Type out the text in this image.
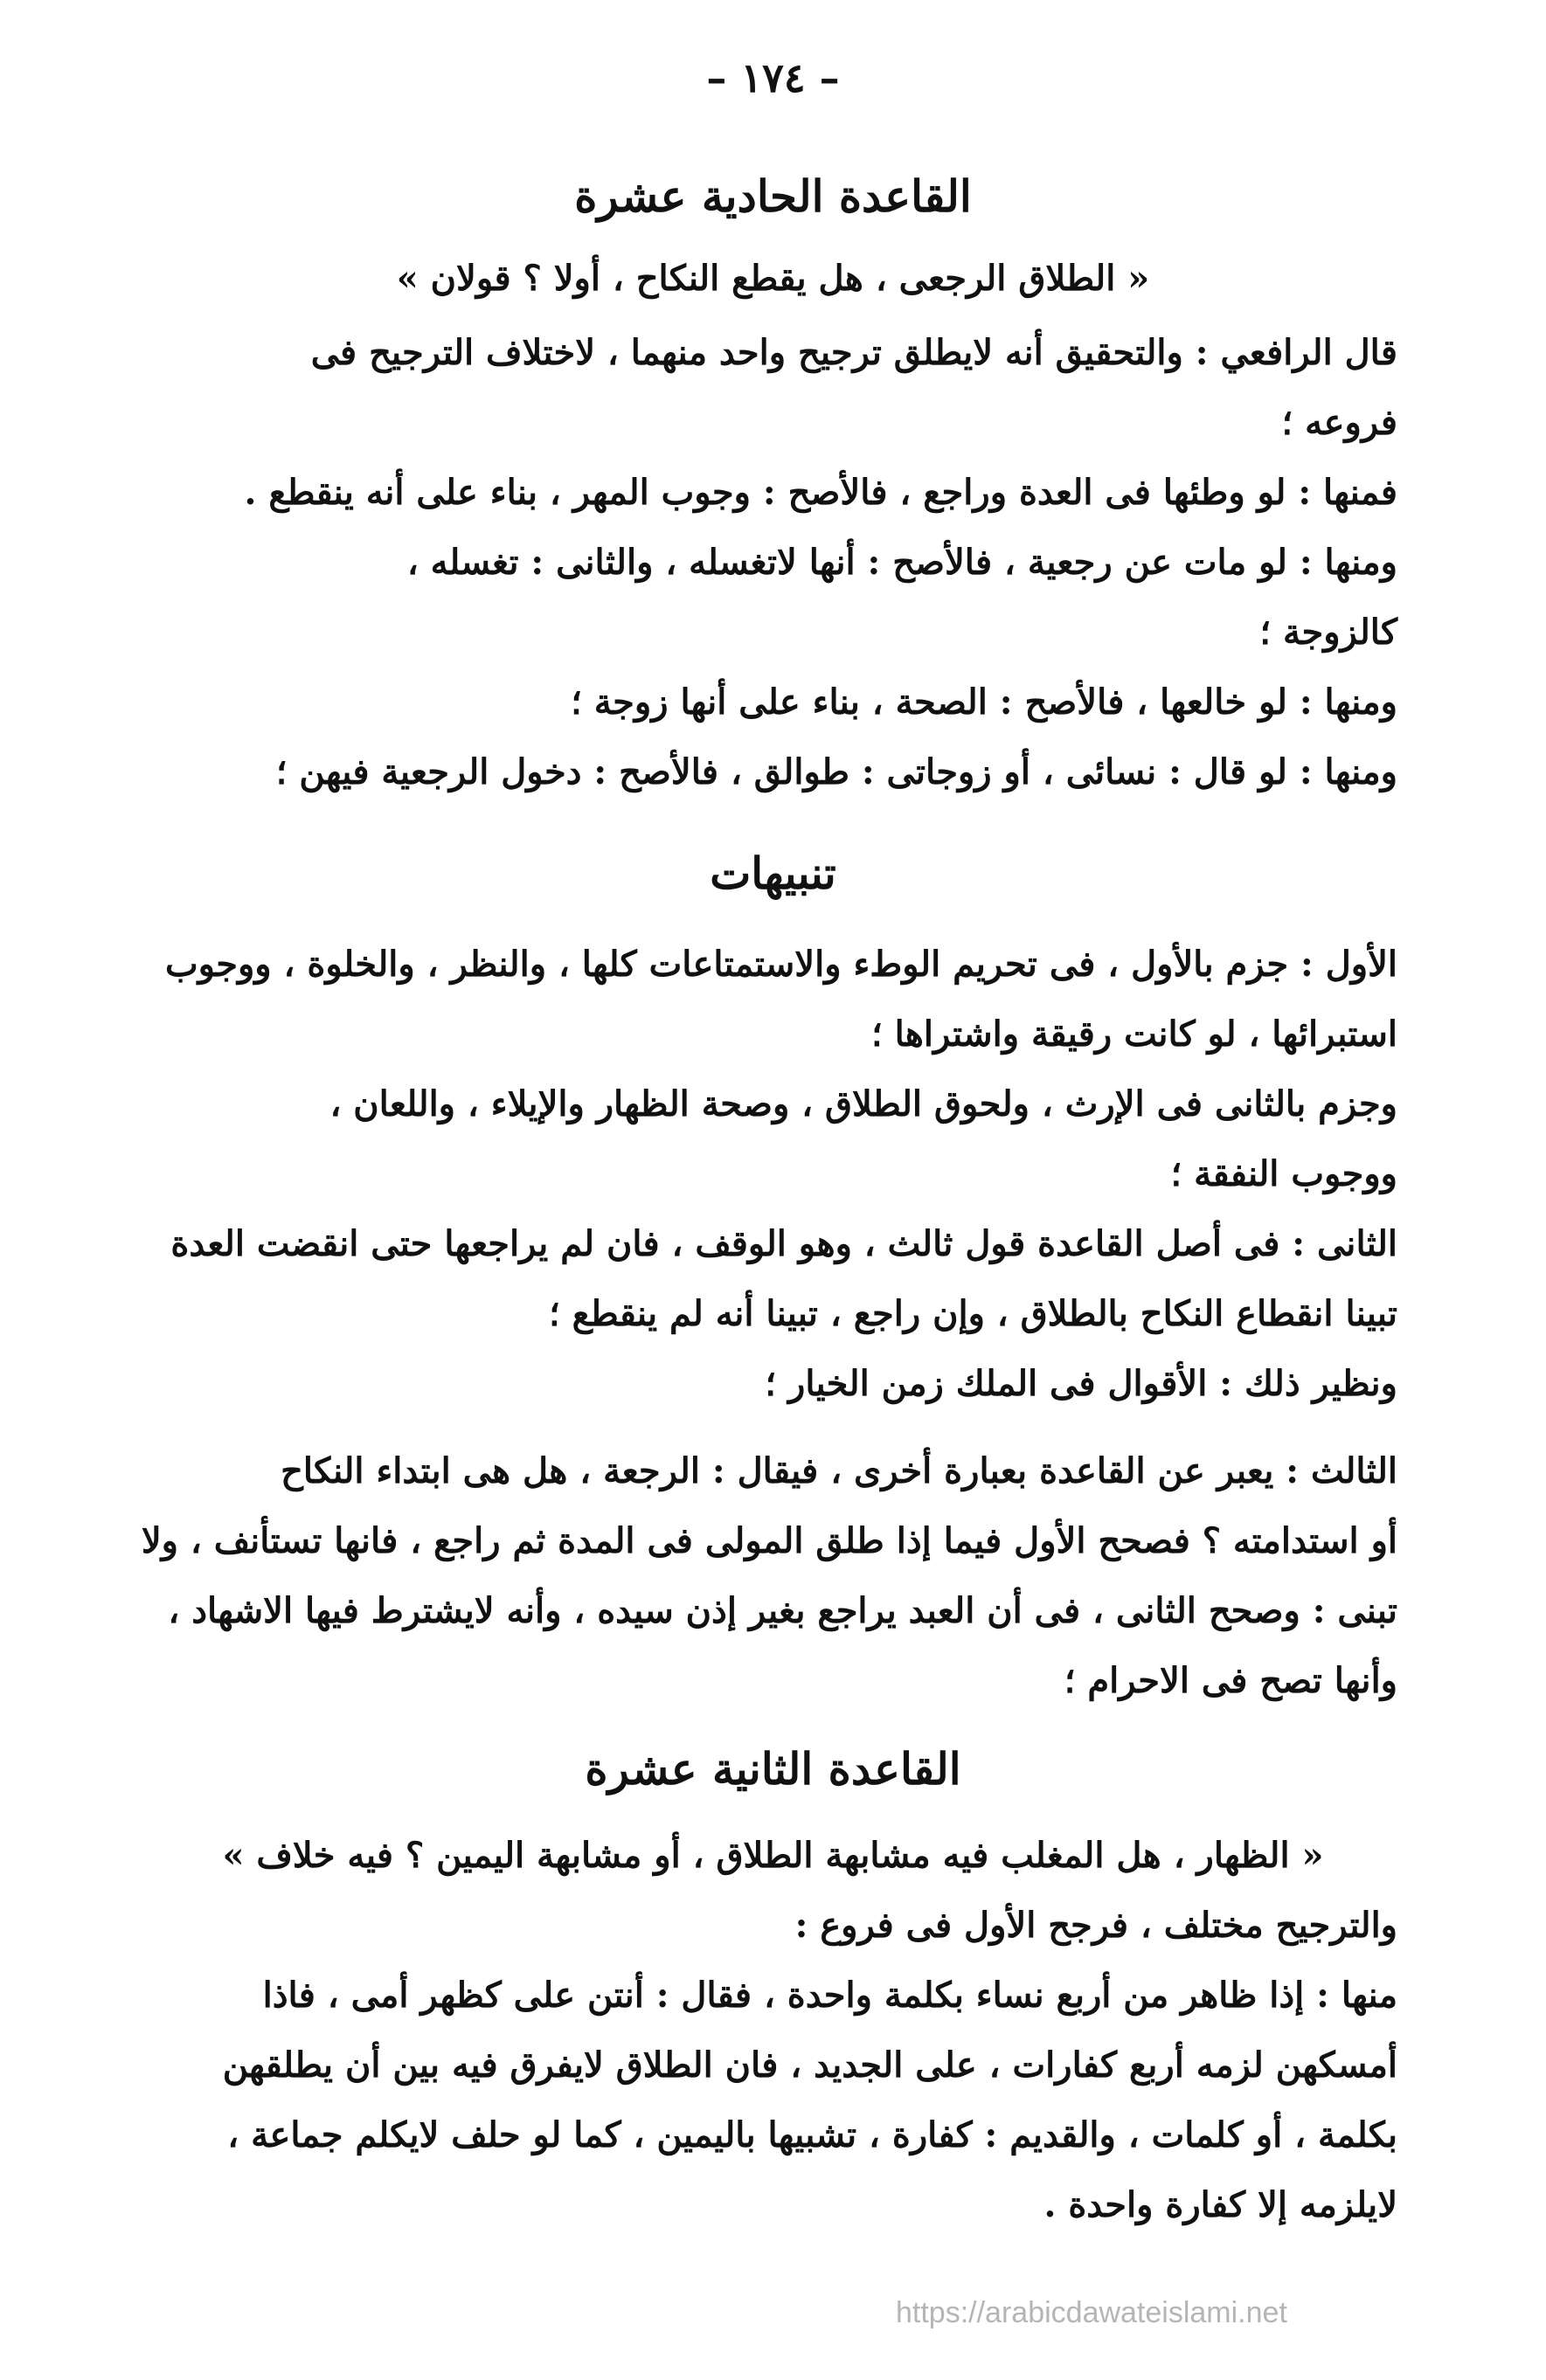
– ١٧٤ –
القاعدة الحادية عشرة
« الطلاق الرجعى ، هل يقطع النكاح ، أولا ؟ قولان »
قال الرافعي : والتحقيق أنه لايطلق ترجيح واحد منهما ، لاختلاف الترجيح فى
فروعه ؛
فمنها : لو وطئها فى العدة وراجع ، فالأصح : وجوب المهر ، بناء على أنه ينقطع .
ومنها : لو مات عن رجعية ، فالأصح : أنها لاتغسله ، والثانى : تغسله ،
كالزوجة ؛
ومنها : لو خالعها ، فالأصح : الصحة ، بناء على أنها زوجة ؛
ومنها : لو قال : نسائى ، أو زوجاتى : طوالق ، فالأصح : دخول الرجعية فيهن ؛
تنبيهات
الأول : جزم بالأول ، فى تحريم الوطء والاستمتاعات كلها ، والنظر ، والخلوة ، ووجوب
استبرائها ، لو كانت رقيقة واشتراها ؛
وجزم بالثانى فى الإرث ، ولحوق الطلاق ، وصحة الظهار والإيلاء ، واللعان ،
ووجوب النفقة ؛
الثانى : فى أصل القاعدة قول ثالث ، وهو الوقف ، فان لم يراجعها حتى انقضت العدة
تبينا انقطاع النكاح بالطلاق ، وإن راجع ، تبينا أنه لم ينقطع ؛
ونظير ذلك : الأقوال فى الملك زمن الخيار ؛
الثالث : يعبر عن القاعدة بعبارة أخرى ، فيقال : الرجعة ، هل هى ابتداء النكاح
أو استدامته ؟ فصحح الأول فيما إذا طلق المولى فى المدة ثم راجع ، فانها تستأنف ، ولا
تبنى : وصحح الثانى ، فى أن العبد يراجع بغير إذن سيده ، وأنه لايشترط فيها الاشهاد ،
وأنها تصح فى الاحرام ؛
القاعدة الثانية عشرة
« الظهار ، هل المغلب فيه مشابهة الطلاق ، أو مشابهة اليمين ؟ فيه خلاف »
والترجيح مختلف ، فرجح الأول فى فروع :
منها : إذا ظاهر من أربع نساء بكلمة واحدة ، فقال : أنتن على كظهر أمى ، فاذا
أمسكهن لزمه أربع كفارات ، على الجديد ، فان الطلاق لايفرق فيه بين أن يطلقهن
بكلمة ، أو كلمات ، والقديم : كفارة ، تشبيها باليمين ، كما لو حلف لايكلم جماعة ،
لايلزمه إلا كفارة واحدة .
https://arabicdawateislami.net
